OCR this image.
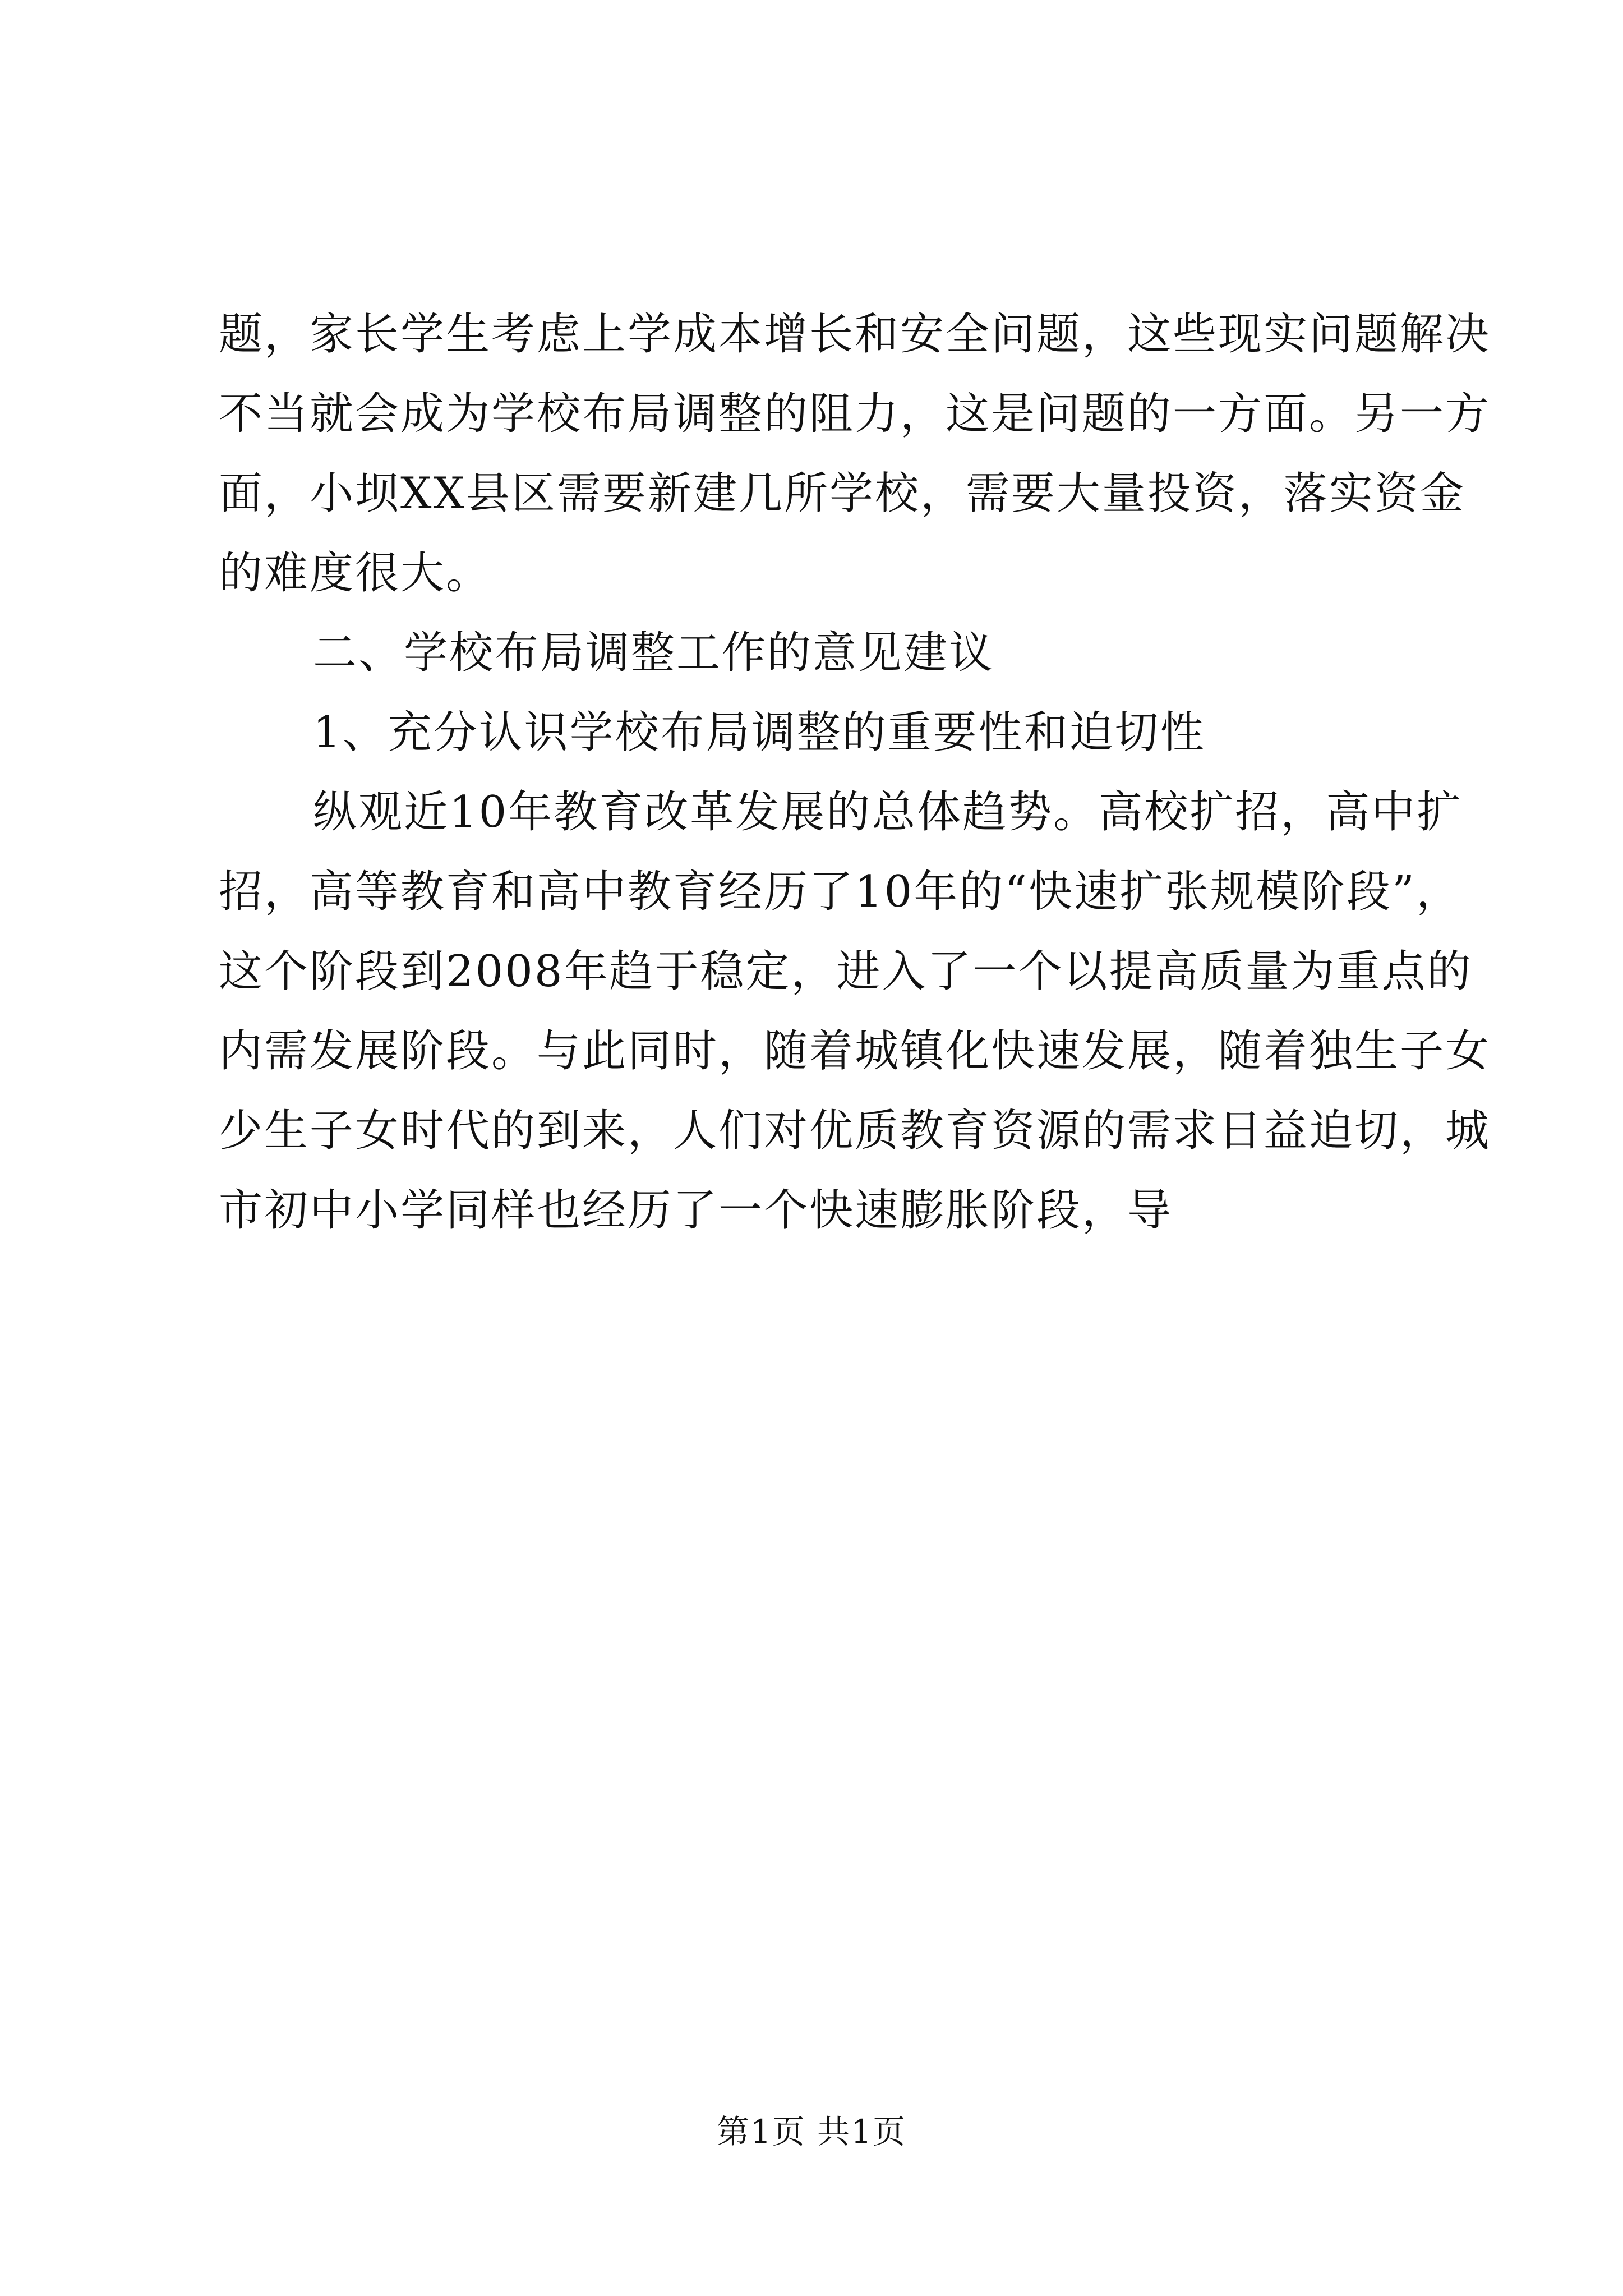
题，家长学生考虑上学成本增长和安全问题，这些现实问题解决
不当就会成为学校布局调整的阻力，这是问题的一方面。另一方
面，小坝XX县区需要新建几所学校，需要大量投资，落实资金
的难度很大。
二、学校布局调整工作的意见建议
1、充分认识学校布局调整的重要性和迫切性
纵观近10年教育改革发展的总体趋势。高校扩招，高中扩
招，高等教育和高中教育经历了10年的“快速扩张规模阶段”，
这个阶段到2008年趋于稳定，进入了一个以提高质量为重点的
内需发展阶段。与此同时，随着城镇化快速发展，随着独生子女
少生子女时代的到来，人们对优质教育资源的需求日益迫切，城
市初中小学同样也经历了一个快速膨胀阶段，导
第1页 共1页
